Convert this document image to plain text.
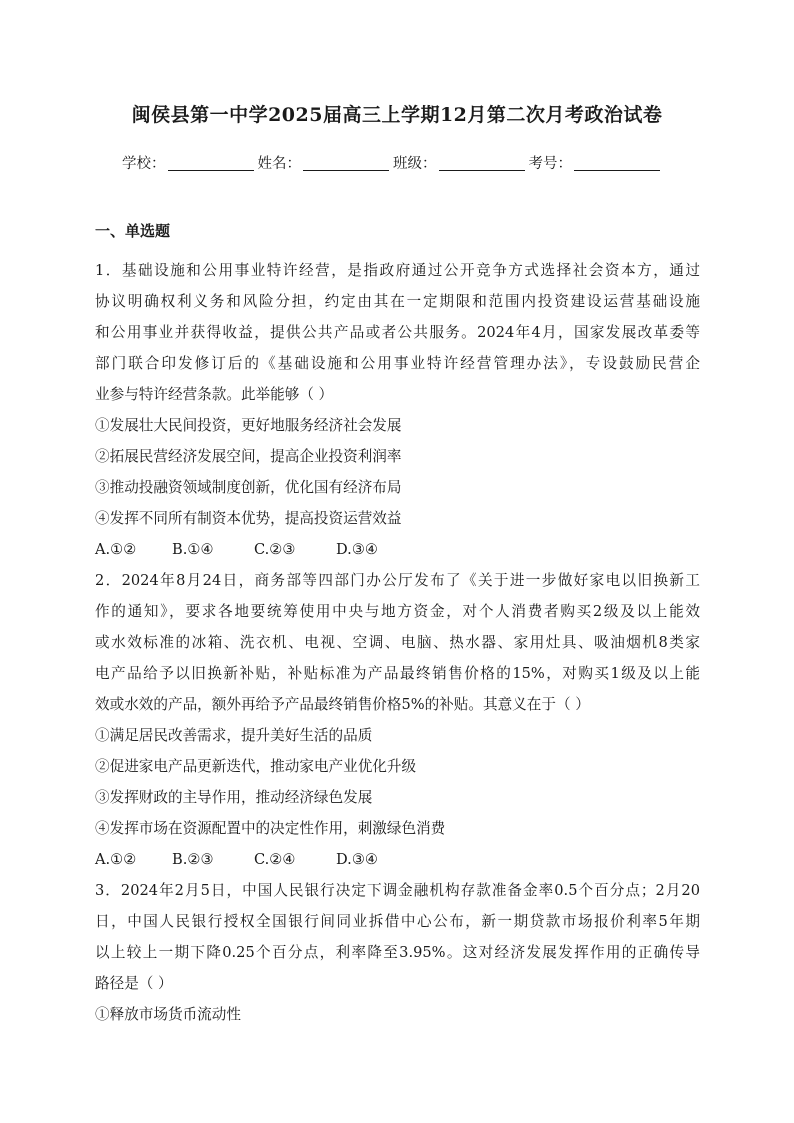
闽侯县第一中学2025届高三上学期12月第二次月考政治试卷
学校：	姓名：	班级：	考号：
一、单选题
1．基础设施和公用事业特许经营，是指政府通过公开竞争方式选择社会资本方，通过
协议明确权利义务和风险分担，约定由其在一定期限和范围内投资建设运营基础设施
和公用事业并获得收益，提供公共产品或者公共服务。2024年4月，国家发展改革委等
部门联合印发修订后的《基础设施和公用事业特许经营管理办法》，专设鼓励民营企
业参与特许经营条款。此举能够（ ）
①发展壮大民间投资，更好地服务经济社会发展
②拓展民营经济发展空间，提高企业投资利润率
③推动投融资领域制度创新，优化国有经济布局
④发挥不同所有制资本优势，提高投资运营效益
A.①② B.①④	C.②③	D.③④
2．2024年8月24日，商务部等四部门办公厅发布了《关于进一步做好家电以旧换新工
作的通知》，要求各地要统筹使用中央与地方资金，对个人消费者购买2级及以上能效
或水效标准的冰箱、洗衣机、电视、空调、电脑、热水器、家用灶具、吸油烟机8类家
电产品给予以旧换新补贴，补贴标准为产品最终销售价格的15%，对购买1级及以上能
效或水效的产品，额外再给予产品最终销售价格5%的补贴。其意义在于（ ）
①满足居民改善需求，提升美好生活的品质
②促进家电产品更新迭代，推动家电产业优化升级
③发挥财政的主导作用，推动经济绿色发展
④发挥市场在资源配置中的决定性作用，刺激绿色消费
A.①② B.②③	C.②④	D.③④
3．2024年2月5日，中国人民银行决定下调金融机构存款准备金率0.5个百分点；2月20
日，中国人民银行授权全国银行间同业拆借中心公布，新一期贷款市场报价利率5年期
以上较上一期下降0.25个百分点，利率降至3.95%。这对经济发展发挥作用的正确传导
路径是（ ）
①释放市场货币流动性
